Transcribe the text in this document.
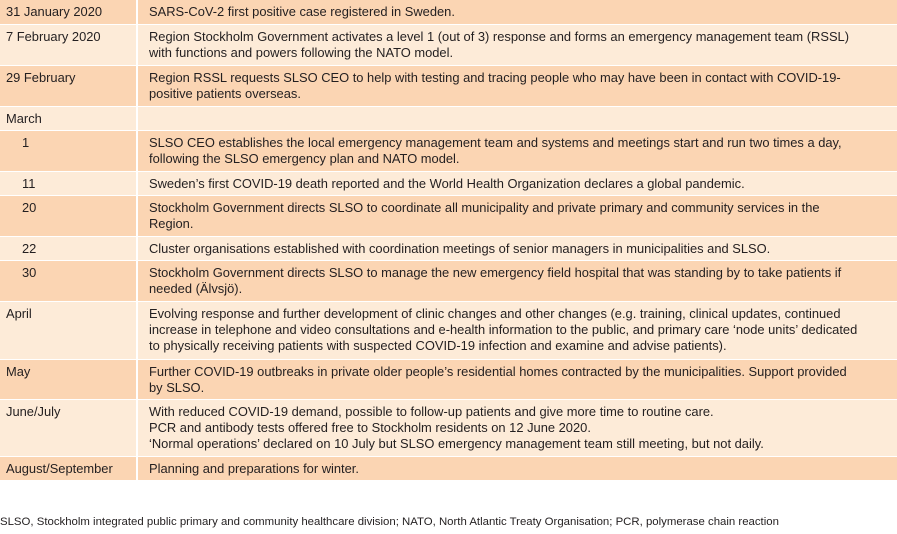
31 January 2020	SARS-CoV-2 first positive case registered in Sweden.
7 February 2020	Region Stockholm Government activates a level 1 (out of 3) response and forms an emergency management team (RSSL)
with functions and powers following the NATO model.
29 February	Region RSSL requests SLSO CEO to help with testing and tracing people who may have been in contact with COVID-19-
positive patients overseas.
March
1	SLSO CEO establishes the local emergency management team and systems and meetings start and run two times a day,
following the SLSO emergency plan and NATO model.
11	Sweden’s first COVID-19 death reported and the World Health Organization declares a global pandemic.
20	Stockholm Government directs SLSO to coordinate all municipality and private primary and community services in the
Region.
22	Cluster organisations established with coordination meetings of senior managers in municipalities and SLSO.
30	Stockholm Government directs SLSO to manage the new emergency field hospital that was standing by to take patients if
needed (Älvsjö).
April	Evolving response and further development of clinic changes and other changes (e.g. training, clinical updates, continued
increase in telephone and video consultations and e-health information to the public, and primary care ‘node units’ dedicated
to physically receiving patients with suspected COVID-19 infection and examine and advise patients).
May	Further COVID-19 outbreaks in private older people’s residential homes contracted by the municipalities. Support provided
by SLSO.
June/July	With reduced COVID-19 demand, possible to follow-up patients and give more time to routine care.
PCR and antibody tests offered free to Stockholm residents on 12 June 2020.
‘Normal operations’ declared on 10 July but SLSO emergency management team still meeting, but not daily.
August/September	Planning and preparations for winter.
SLSO, Stockholm integrated public primary and community healthcare division; NATO, North Atlantic Treaty Organisation; PCR, polymerase chain reaction
